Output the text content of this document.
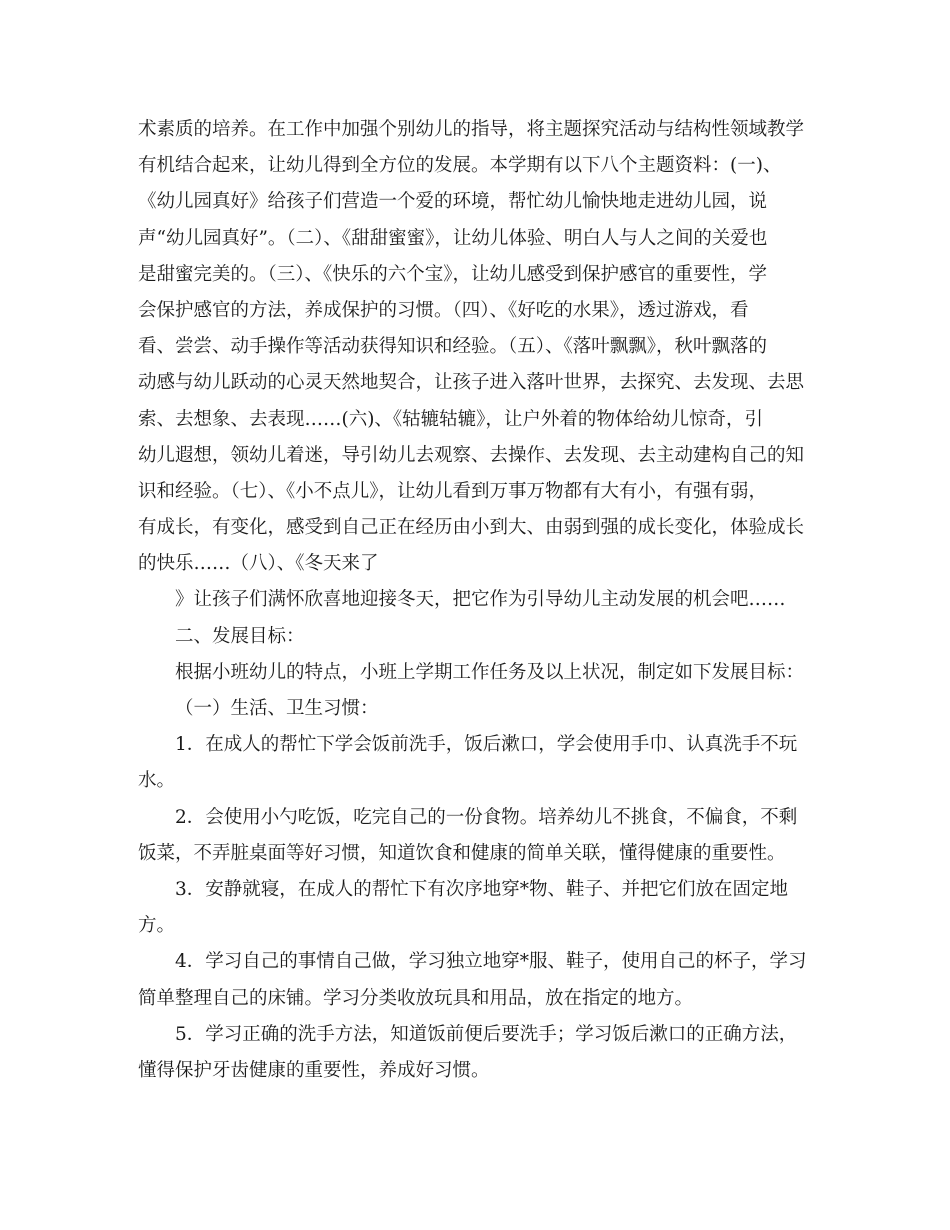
术素质的培养。在工作中加强个别幼儿的指导，将主题探究活动与结构性领域教学
有机结合起来，让幼儿得到全方位的发展。本学期有以下八个主题资料：(一)、
《幼儿园真好》给孩子们营造一个爱的环境，帮忙幼儿愉快地走进幼儿园，说
声“幼儿园真好”。（二）、《甜甜蜜蜜》，让幼儿体验、明白人与人之间的关爱也
是甜蜜完美的。（三）、《快乐的六个宝》，让幼儿感受到保护感官的重要性，学
会保护感官的方法，养成保护的习惯。（四）、《好吃的水果》，透过游戏，看
看、尝尝、动手操作等活动获得知识和经验。（五）、《落叶飘飘》，秋叶飘落的
动感与幼儿跃动的心灵天然地契合，让孩子进入落叶世界，去探究、去发现、去思
索、去想象、去表现……(六)、《轱辘轱辘》，让户外着的物体给幼儿惊奇，引
幼儿遐想，领幼儿着迷，导引幼儿去观察、去操作、去发现、去主动建构自己的知
识和经验。（七）、《小不点儿》，让幼儿看到万事万物都有大有小，有强有弱，
有成长，有变化，感受到自己正在经历由小到大、由弱到强的成长变化，体验成长
的快乐……（八）、《冬天来了
》让孩子们满怀欣喜地迎接冬天，把它作为引导幼儿主动发展的机会吧……
二、发展目标：
根据小班幼儿的特点，小班上学期工作任务及以上状况，制定如下发展目标：
（一）生活、卫生习惯：
1．在成人的帮忙下学会饭前洗手，饭后漱口，学会使用手巾、认真洗手不玩
水。
2．会使用小勺吃饭，吃完自己的一份食物。培养幼儿不挑食，不偏食，不剩
饭菜，不弄脏桌面等好习惯，知道饮食和健康的简单关联，懂得健康的重要性。
3．安静就寝，在成人的帮忙下有次序地穿*物、鞋子、并把它们放在固定地
方。
4．学习自己的事情自己做，学习独立地穿*服、鞋子，使用自己的杯子，学习
简单整理自己的床铺。学习分类收放玩具和用品，放在指定的地方。
5．学习正确的洗手方法，知道饭前便后要洗手；学习饭后漱口的正确方法，
懂得保护牙齿健康的重要性，养成好习惯。
